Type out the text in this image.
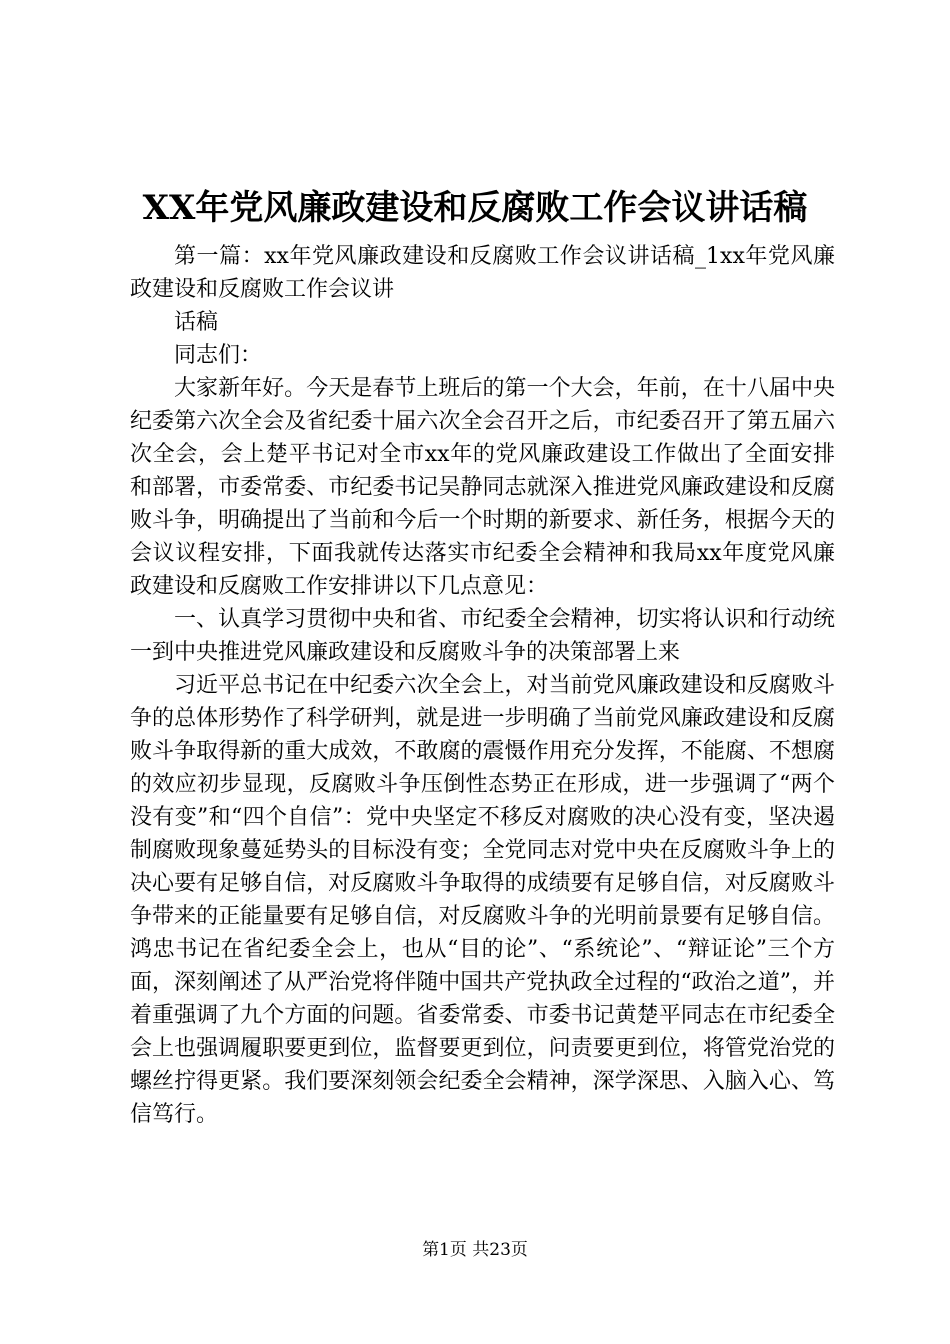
XX年党风廉政建设和反腐败工作会议讲话稿

第一篇：xx年党风廉政建设和反腐败工作会议讲话稿_1xx年党风廉政建设和反腐败工作会议讲

话稿

同志们：

大家新年好。今天是春节上班后的第一个大会，年前，在十八届中央纪委第六次全会及省纪委十届六次全会召开之后，市纪委召开了第五届六次全会，会上楚平书记对全市xx年的党风廉政建设工作做出了全面安排和部署，市委常委、市纪委书记吴静同志就深入推进党风廉政建设和反腐败斗争，明确提出了当前和今后一个时期的新要求、新任务，根据今天的会议议程安排，下面我就传达落实市纪委全会精神和我局xx年度党风廉政建设和反腐败工作安排讲以下几点意见：

一、认真学习贯彻中央和省、市纪委全会精神，切实将认识和行动统一到中央推进党风廉政建设和反腐败斗争的决策部署上来

习近平总书记在中纪委六次全会上，对当前党风廉政建设和反腐败斗争的总体形势作了科学研判，就是进一步明确了当前党风廉政建设和反腐败斗争取得新的重大成效，不敢腐的震慑作用充分发挥，不能腐、不想腐的效应初步显现，反腐败斗争压倒性态势正在形成，进一步强调了“两个没有变”和“四个自信”：党中央坚定不移反对腐败的决心没有变，坚决遏制腐败现象蔓延势头的目标没有变；全党同志对党中央在反腐败斗争上的决心要有足够自信，对反腐败斗争取得的成绩要有足够自信，对反腐败斗争带来的正能量要有足够自信，对反腐败斗争的光明前景要有足够自信。鸿忠书记在省纪委全会上，也从“目的论”、“系统论”、“辩证论”三个方面，深刻阐述了从严治党将伴随中国共产党执政全过程的“政治之道”，并着重强调了九个方面的问题。省委常委、市委书记黄楚平同志在市纪委全会上也强调履职要更到位，监督要更到位，问责要更到位，将管党治党的螺丝拧得更紧。我们要深刻领会纪委全会精神，深学深思、入脑入心、笃信笃行。

第1页 共23页
